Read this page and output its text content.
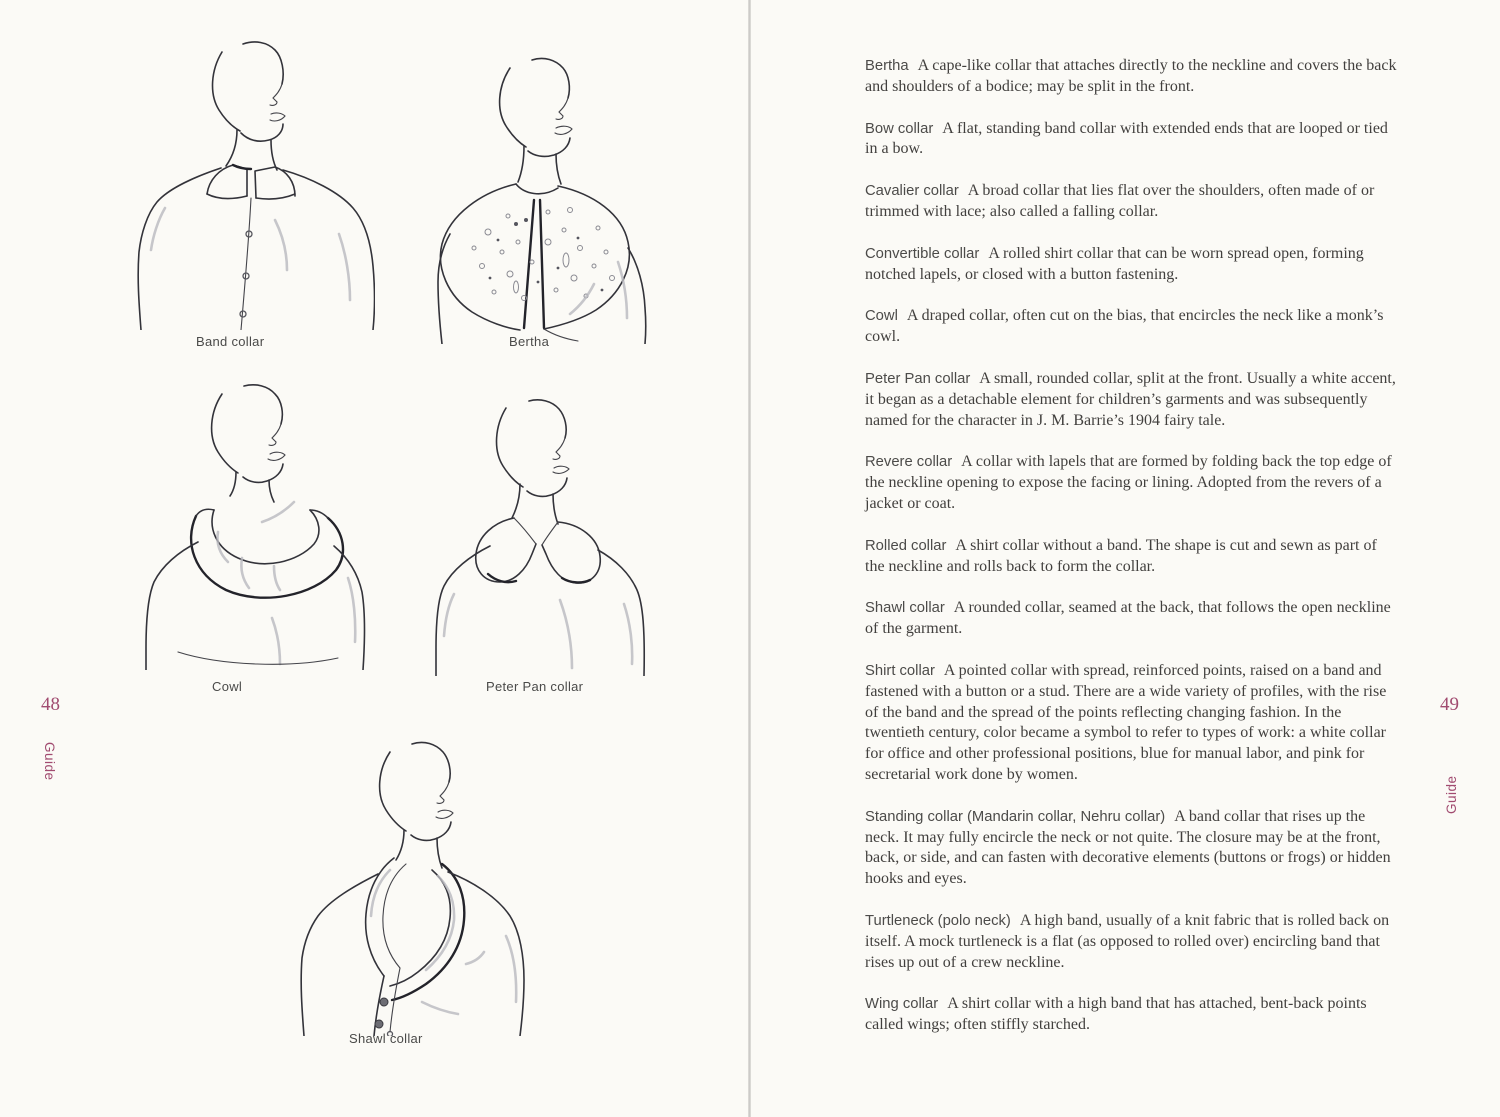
Band collar	Bertha
Cowl	Peter Pan collar
Shawl collar
48
Guide

Bertha A cape-like collar that attaches directly to the neckline and covers the back and shoulders of a bodice; may be split in the front.

Bow collar A flat, standing band collar with extended ends that are looped or tied in a bow.

Cavalier collar A broad collar that lies flat over the shoulders, often made of or trimmed with lace; also called a falling collar.

Convertible collar A rolled shirt collar that can be worn spread open, forming notched lapels, or closed with a button fastening.

Cowl A draped collar, often cut on the bias, that encircles the neck like a monk’s cowl.

Peter Pan collar A small, rounded collar, split at the front. Usually a white accent, it began as a detachable element for children’s garments and was subsequently named for the character in J. M. Barrie’s 1904 fairy tale.

Revere collar A collar with lapels that are formed by folding back the top edge of the neckline opening to expose the facing or lining. Adopted from the revers of a jacket or coat.

Rolled collar A shirt collar without a band. The shape is cut and sewn as part of the neckline and rolls back to form the collar.

Shawl collar A rounded collar, seamed at the back, that follows the open neckline of the garment.

Shirt collar A pointed collar with spread, reinforced points, raised on a band and fastened with a button or a stud. There are a wide variety of profiles, with the rise of the band and the spread of the points reflecting changing fashion. In the twentieth century, color became a symbol to refer to types of work: a white collar for office and other professional positions, blue for manual labor, and pink for secretarial work done by women.

Standing collar (Mandarin collar, Nehru collar) A band collar that rises up the neck. It may fully encircle the neck or not quite. The closure may be at the front, back, or side, and can fasten with decorative elements (buttons or frogs) or hidden hooks and eyes.

Turtleneck (polo neck) A high band, usually of a knit fabric that is rolled back on itself. A mock turtleneck is a flat (as opposed to rolled over) encircling band that rises up out of a crew neckline.

Wing collar A shirt collar with a high band that has attached, bent-back points called wings; often stiffly starched.

49
Guide
